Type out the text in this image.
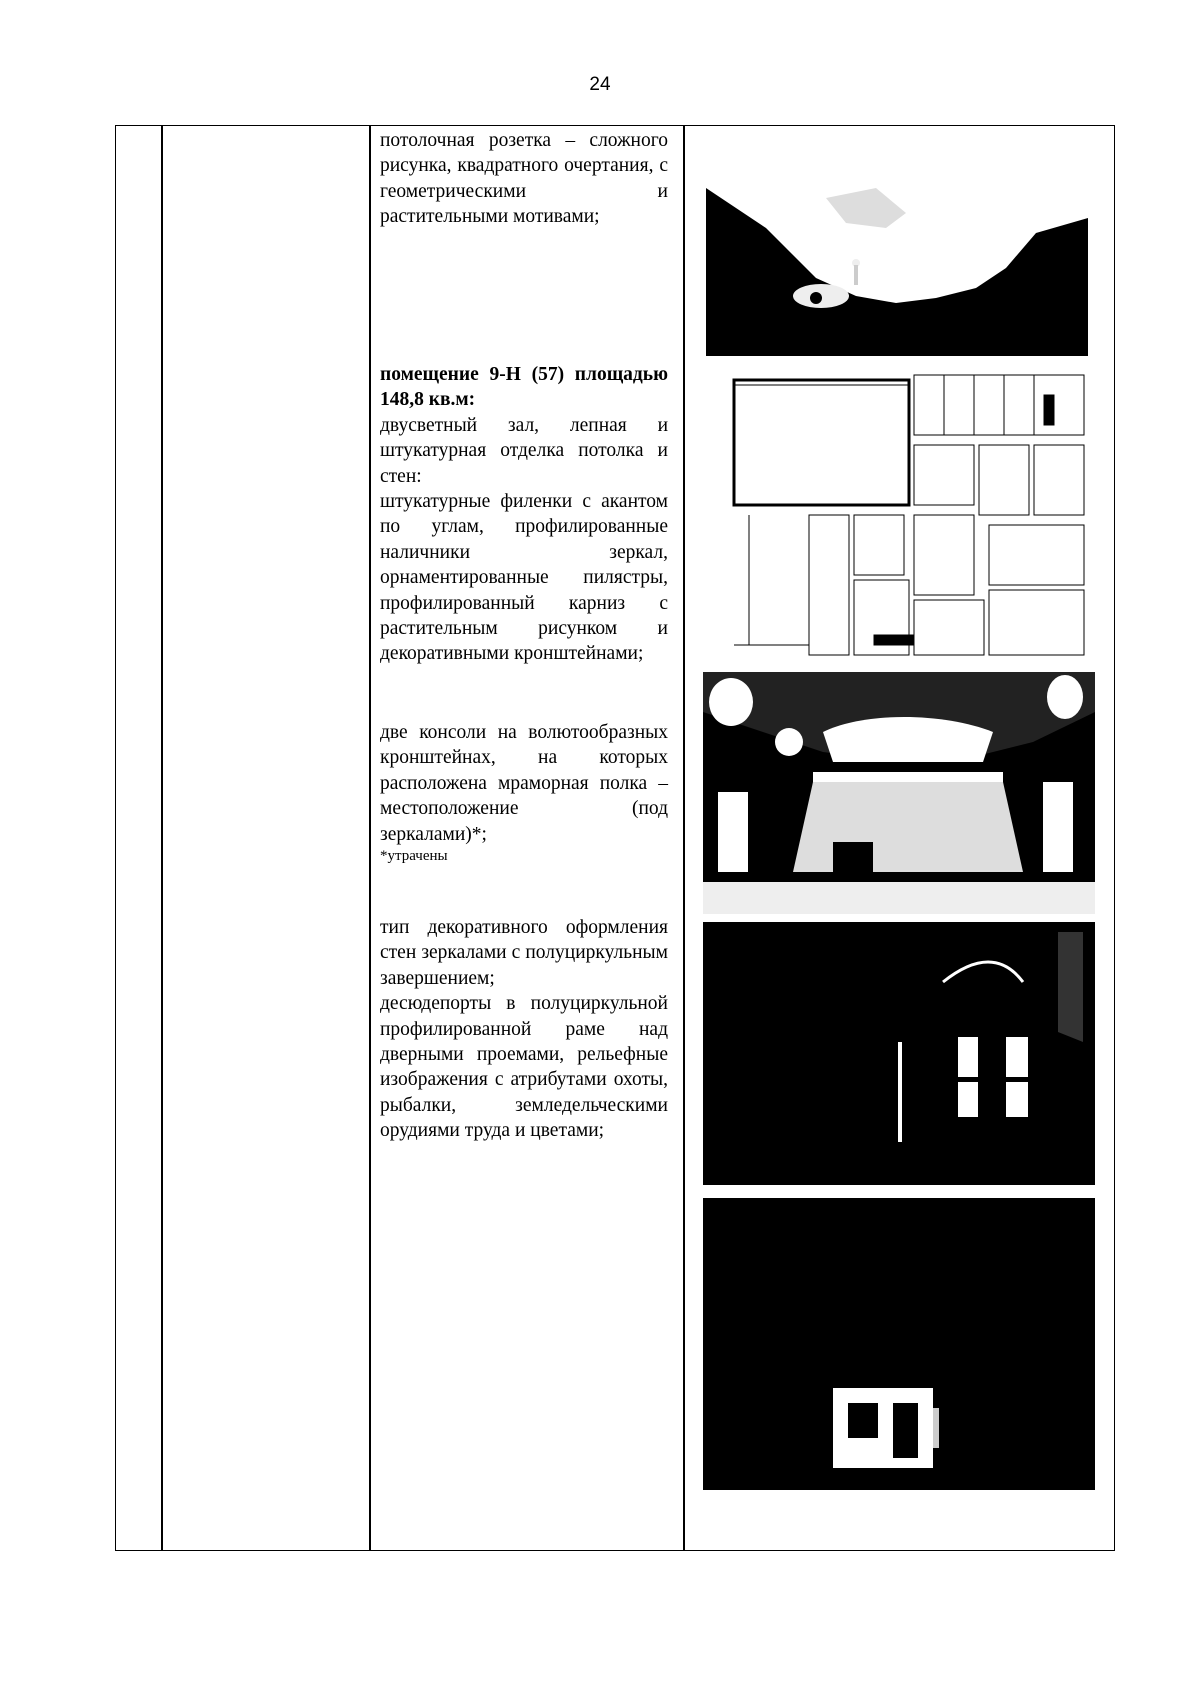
24

потолочная розетка – сложного рисунка, квадратного очертания, с геометрическими и растительными мотивами;

помещение 9-Н (57) площадью 148,8 кв.м:

двусветный зал, лепная и штукатурная отделка потолка и стен:

штукатурные филенки с акантом по углам, профилированные наличники зеркал, орнаментированные пилястры, профилированный карниз с растительным рисунком и декоративными кронштейнами;

две консоли на волютообразных кронштейнах, на которых расположена мраморная полка – местоположение (под зеркалами)*;

*утрачены

тип декоративного оформления стен зеркалами с полуциркульным завершением;

десюдепорты в полуциркульной профилированной раме над дверными проемами, рельефные изображения с атрибутами охоты, рыбалки, земледельческими орудиями труда и цветами;
